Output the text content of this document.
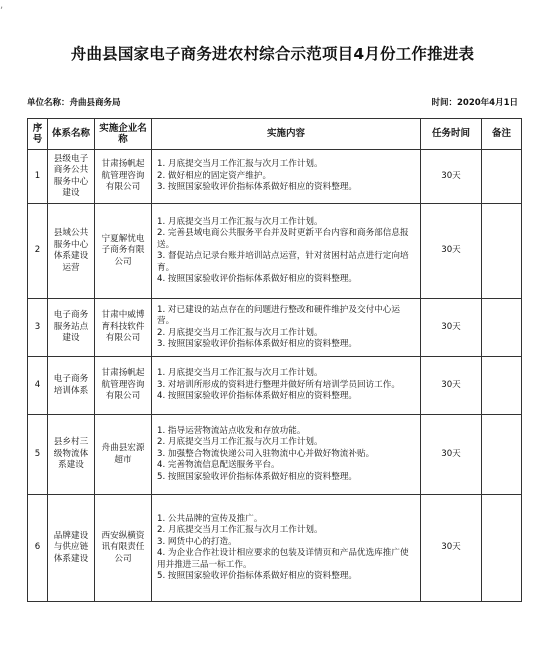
,
舟曲县国家电子商务进农村综合示范项目4月份工作推进表
单位名称：舟曲县商务局	时间：2020年4月1日
序号	体系名称	实施企业名称	实施内容	任务时间	备注
1	县级电子商务公共服务中心建设	甘肃扬帆起航管理咨询有限公司	1. 月底提交当月工作汇报与次月工作计划。
2. 做好相应的固定资产维护。
3. 按照国家验收评价指标体系做好相应的资料整理。	30天	
2	县域公共服务中心体系建设运营	宁夏解忧电子商务有限公司	1. 月底提交当月工作汇报与次月工作计划。
2. 完善县域电商公共服务平台并及时更新平台内容和商务部信息报送。
3. 督促站点记录台账并培训站点运营，针对贫困村站点进行定向培育。
4. 按照国家验收评价指标体系做好相应的资料整理。	30天	
3	电子商务服务站点建设	甘肃中威博育科技软件有限公司	1. 对已建设的站点存在的问题进行整改和硬件维护及交付中心运营。
2. 月底提交当月工作汇报与次月工作计划。
3. 按照国家验收评价指标体系做好相应的资料整理。	30天	
4	电子商务培训体系	甘肃扬帆起航管理咨询有限公司	1. 月底提交当月工作汇报与次月工作计划。
3. 对培训所形成的资料进行整理并做好所有培训学员回访工作。
4. 按照国家验收评价指标体系做好相应的资料整理。	30天	
5	县乡村三级物流体系建设	舟曲县宏源超市	1. 指导运营物流站点收发和存放功能。
2. 月底提交当月工作汇报与次月工作计划。
3. 加强整合物流快递公司入驻物流中心并做好物流补贴。
4. 完善物流信息配送服务平台。
5. 按照国家验收评价指标体系做好相应的资料整理。	30天	
6	品牌建设与供应链体系建设	西安纵横资讯有限责任公司	1. 公共品牌的宣传及推广。
2. 月底提交当月工作汇报与次月工作计划。
3. 网货中心的打造。
4. 为企业合作社设计相应要求的包装及详情页和产品优选库推广使用并推进三品一标工作。
5. 按照国家验收评价指标体系做好相应的资料整理。	30天	
